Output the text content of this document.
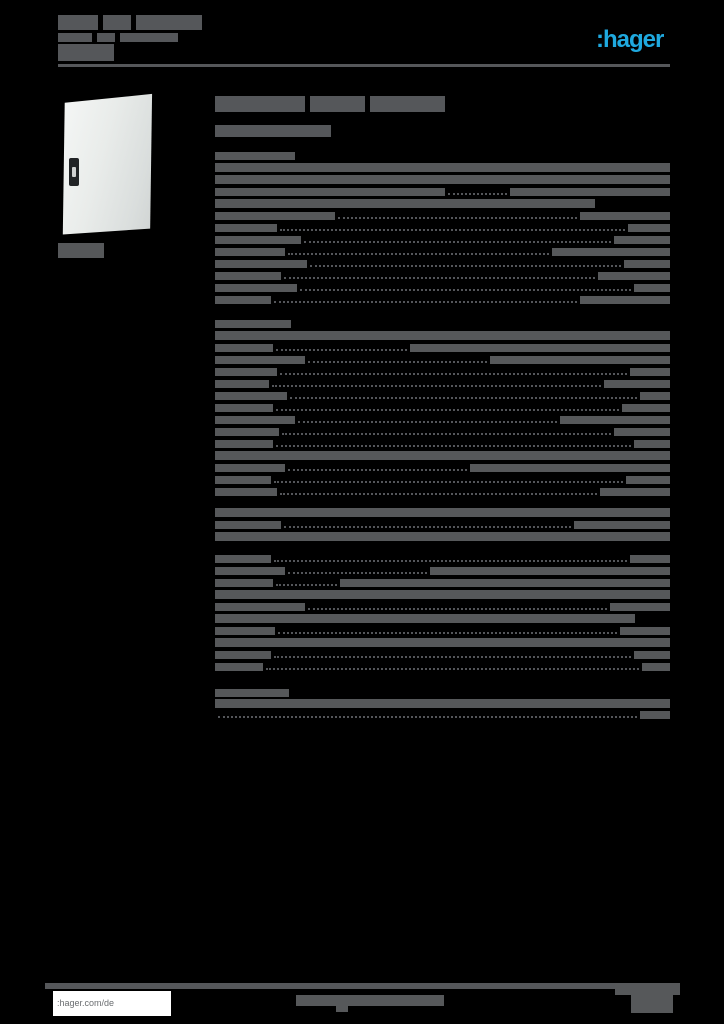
:hager
:hager.com/de
